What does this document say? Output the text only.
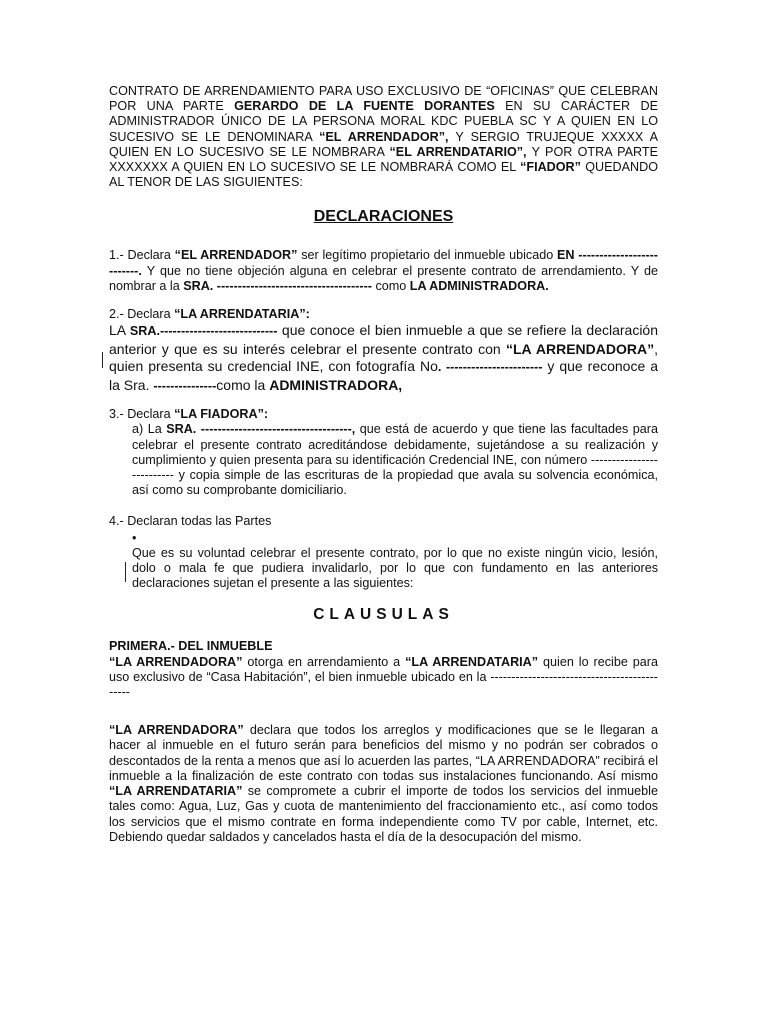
CONTRATO DE ARRENDAMIENTO PARA USO EXCLUSIVO DE “OFICINAS” QUE CELEBRAN POR UNA PARTE GERARDO DE LA FUENTE DORANTES EN SU CARÁCTER DE ADMINISTRADOR ÚNICO DE LA PERSONA MORAL KDC PUEBLA SC Y A QUIEN EN LO SUCESIVO SE LE DENOMINARA “EL ARRENDADOR”, Y SERGIO TRUJEQUE XXXXX A QUIEN EN LO SUCESIVO SE LE NOMBRARA “EL ARRENDATARIO”, Y POR OTRA PARTE XXXXXXX A QUIEN EN LO SUCESIVO SE LE NOMBRARÁ COMO EL “FIADOR” QUEDANDO AL TENOR DE LAS SIGUIENTES:

DECLARACIONES

1.- Declara “EL ARRENDADOR” ser legítimo propietario del inmueble ubicado EN --------------------------. Y que no tiene objeción alguna en celebrar el presente contrato de arrendamiento. Y de nombrar a la SRA. ------------------------------------- como LA ADMINISTRADORA.

2.- Declara “LA ARRENDATARIA”:

LA SRA.---------------------------- que conoce el bien inmueble a que se refiere la declaración anterior y que es su interés celebrar el presente contrato con “LA ARRENDADORA”, quien presenta su credencial INE, con fotografía No. ----------------------- y que reconoce a la Sra. ---------------como la ADMINISTRADORA,

3.- Declara “LA FIADORA”:

a) La SRA. ------------------------------------, que está de acuerdo y que tiene las facultades para celebrar el presente contrato acreditándose debidamente, sujetándose a su realización y cumplimiento y quien presenta para su identificación Credencial INE, con número -------------------------- y copia simple de las escrituras de la propiedad que avala su solvencia económica, así como su comprobante domiciliario.

4.- Declaran todas las Partes

•

Que es su voluntad celebrar el presente contrato, por lo que no existe ningún vicio, lesión, dolo o mala fe que pudiera invalidarlo, por lo que con fundamento en las anteriores declaraciones sujetan el presente a las siguientes:

CLAUSULAS

PRIMERA.- DEL INMUEBLE

“LA ARRENDADORA” otorga en arrendamiento a “LA ARRENDATARIA” quien lo recibe para uso exclusivo de “Casa Habitación”, el bien inmueble ubicado en la ---------------------------------------------

“LA ARRENDADORA” declara que todos los arreglos y modificaciones que se le llegaran a hacer al inmueble en el futuro serán para beneficios del mismo y no podrán ser cobrados o descontados de la renta a menos que así lo acuerden las partes, “LA ARRENDADORA” recibirá el inmueble a la finalización de este contrato con todas sus instalaciones funcionando. Así mismo “LA ARRENDATARIA” se compromete a cubrir el importe de todos los servicios del inmueble tales como: Agua, Luz, Gas y cuota de mantenimiento del fraccionamiento etc., así como todos los servicios que el mismo contrate en forma independiente como TV por cable, Internet, etc. Debiendo quedar saldados y cancelados hasta el día de la desocupación del mismo.
